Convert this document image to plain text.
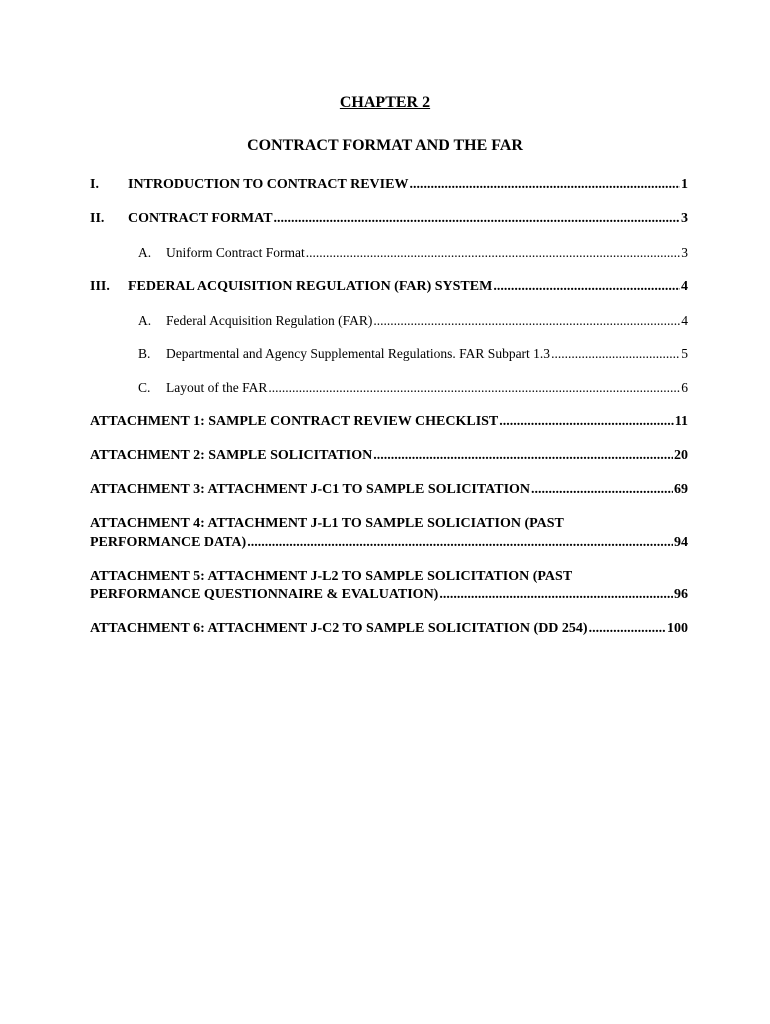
CHAPTER 2
CONTRACT FORMAT AND THE FAR
I.	INTRODUCTION TO CONTRACT REVIEW .....	1
II.	CONTRACT FORMAT .....	3
A.	Uniform Contract Format .....	3
III.	FEDERAL ACQUISITION REGULATION (FAR) SYSTEM .....	4
A.	Federal Acquisition Regulation (FAR) .....	4
B.	Departmental and Agency Supplemental Regulations. FAR Subpart 1.3 .....	5
C.	Layout of the FAR .....	6
ATTACHMENT 1: SAMPLE CONTRACT REVIEW CHECKLIST .....	11
ATTACHMENT 2: SAMPLE SOLICITATION .....	20
ATTACHMENT 3: ATTACHMENT J-C1 TO SAMPLE SOLICITATION .....	69
ATTACHMENT 4: ATTACHMENT J-L1 TO SAMPLE SOLICIATION (PAST
PERFORMANCE DATA) .....	94
ATTACHMENT 5: ATTACHMENT J-L2 TO SAMPLE SOLICITATION (PAST
PERFORMANCE QUESTIONNAIRE & EVALUATION) .....	96
ATTACHMENT 6: ATTACHMENT J-C2 TO SAMPLE SOLICITATION (DD 254) .....	100
